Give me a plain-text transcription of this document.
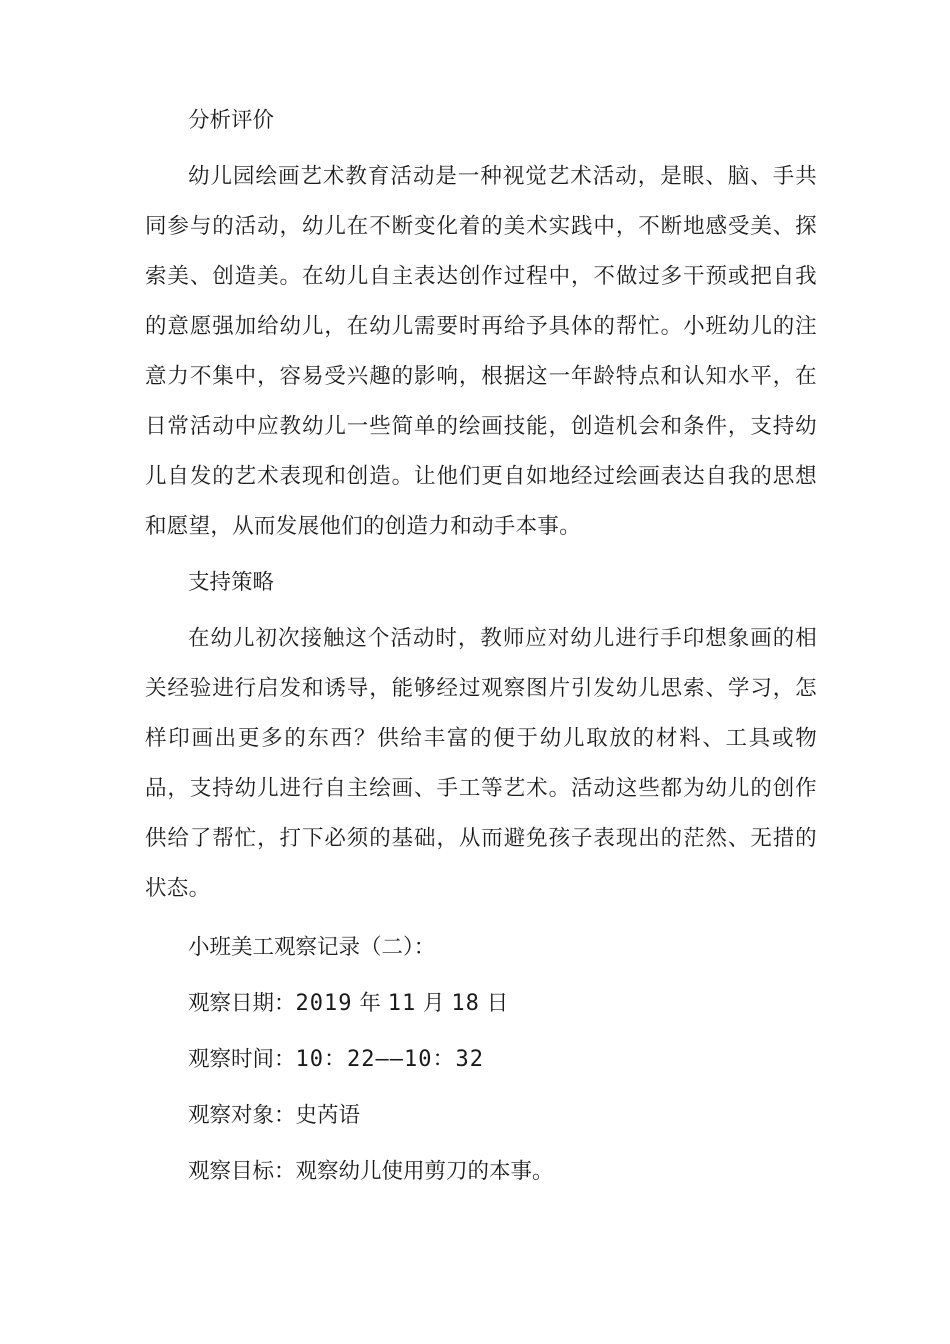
分析评价

幼儿园绘画艺术教育活动是一种视觉艺术活动，是眼、脑、手共同参与的活动，幼儿在不断变化着的美术实践中，不断地感受美、探索美、创造美。在幼儿自主表达创作过程中，不做过多干预或把自我的意愿强加给幼儿，在幼儿需要时再给予具体的帮忙。小班幼儿的注意力不集中，容易受兴趣的影响，根据这一年龄特点和认知水平，在日常活动中应教幼儿一些简单的绘画技能，创造机会和条件，支持幼儿自发的艺术表现和创造。让他们更自如地经过绘画表达自我的思想和愿望，从而发展他们的创造力和动手本事。

支持策略

在幼儿初次接触这个活动时，教师应对幼儿进行手印想象画的相关经验进行启发和诱导，能够经过观察图片引发幼儿思索、学习，怎样印画出更多的东西？供给丰富的便于幼儿取放的材料、工具或物品，支持幼儿进行自主绘画、手工等艺术。活动这些都为幼儿的创作供给了帮忙，打下必须的基础，从而避免孩子表现出的茫然、无措的状态。

小班美工观察记录（二）：

观察日期：2019 年 11 月 18 日

观察时间：10：22——10：32

观察对象：史芮语

观察目标：观察幼儿使用剪刀的本事。
